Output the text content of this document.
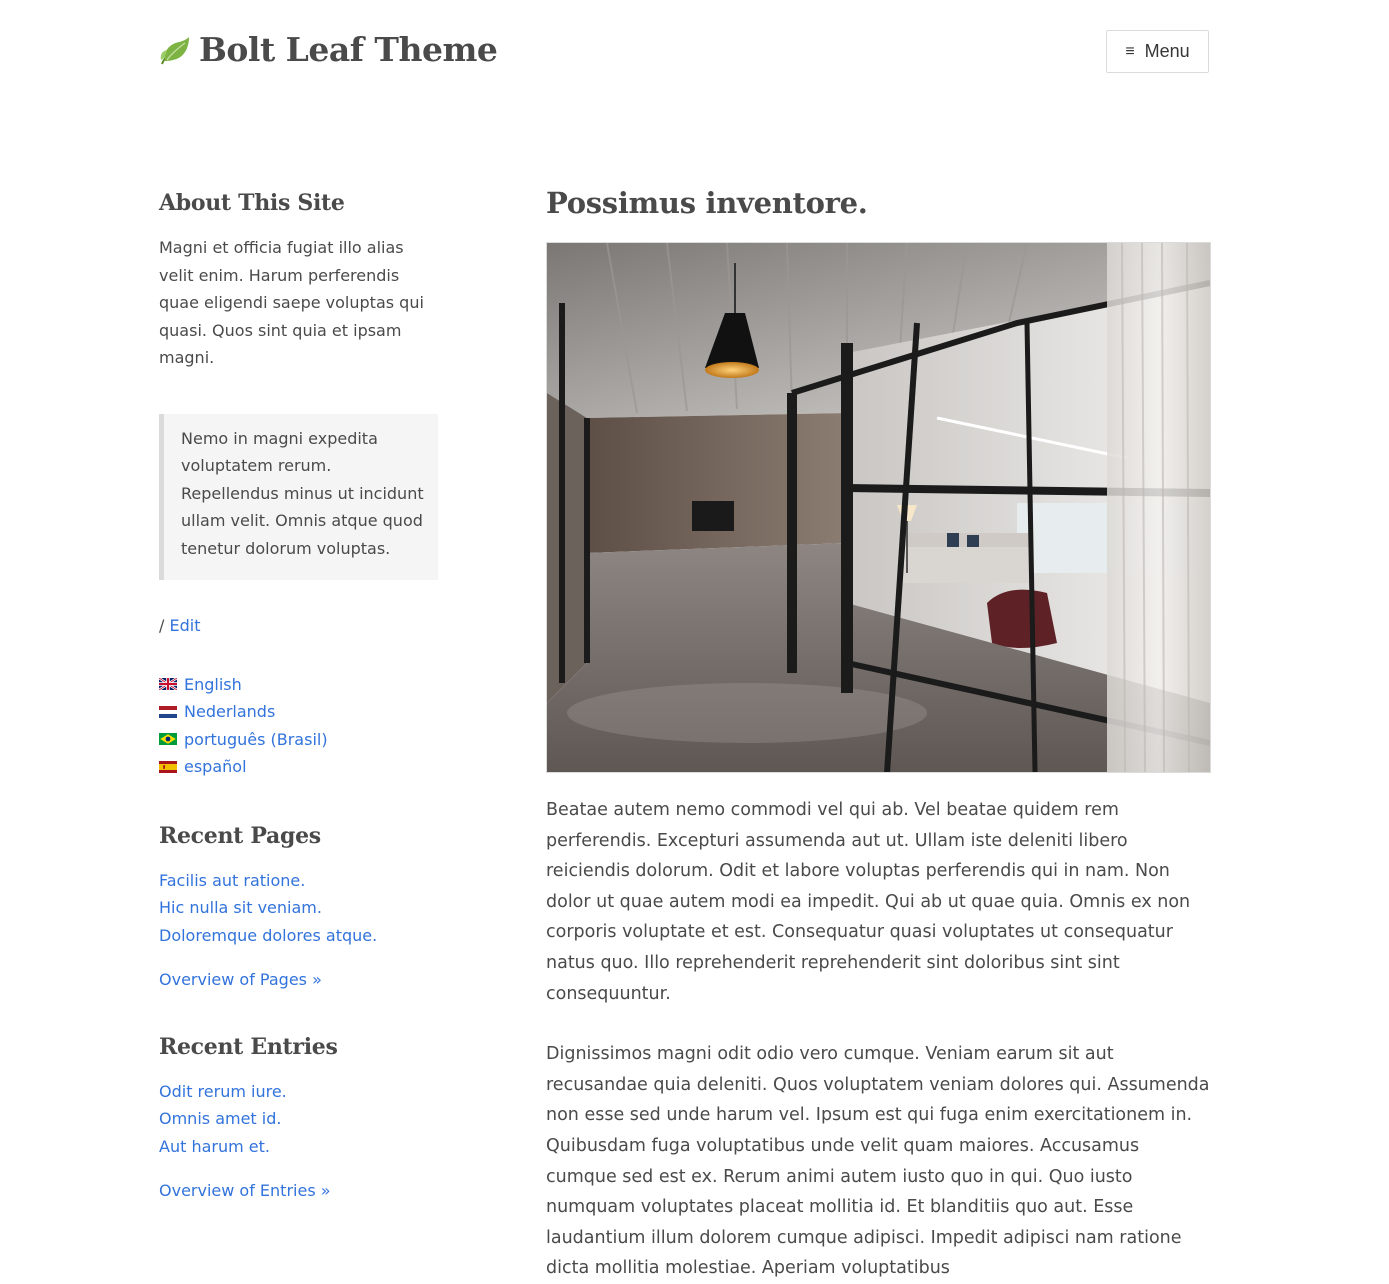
Bolt Leaf Theme	≡ Menu
About This Site

Magni et officia fugiat illo alias velit enim. Harum perferendis quae eligendi saepe voluptas qui quasi. Quos sint quia et ipsam magni.

Nemo in magni expedita voluptatem rerum. Repellendus minus ut incidunt ullam velit. Omnis atque quod tenetur dolorum voluptas.
/ Edit
English
Nederlands
português (Brasil)
español
Recent Pages
Facilis aut ratione.
Hic nulla sit veniam.
Doloremque dolores atque.
Overview of Pages »
Recent Entries
Odit rerum iure.
Omnis amet id.
Aut harum et.
Overview of Entries »
Possimus inventore.

Beatae autem nemo commodi vel qui ab. Vel beatae quidem rem perferendis. Excepturi assumenda aut ut. Ullam iste deleniti libero reiciendis dolorum. Odit et labore voluptas perferendis qui in nam. Non dolor ut quae autem modi ea impedit. Qui ab ut quae quia. Omnis ex non corporis voluptate et est. Consequatur quasi voluptates ut consequatur natus quo. Illo reprehenderit reprehenderit sint doloribus sint sint consequuntur.

Dignissimos magni odit odio vero cumque. Veniam earum sit aut recusandae quia deleniti. Quos voluptatem veniam dolores qui. Assumenda non esse sed unde harum vel. Ipsum est qui fuga enim exercitationem in. Quibusdam fuga voluptatibus unde velit quam maiores. Accusamus cumque sed est ex. Rerum animi autem iusto quo in qui. Quo iusto numquam voluptates placeat mollitia id. Et blanditiis quo aut. Esse laudantium illum dolorem cumque adipisci. Impedit adipisci nam ratione dicta mollitia molestiae. Aperiam voluptatibus
